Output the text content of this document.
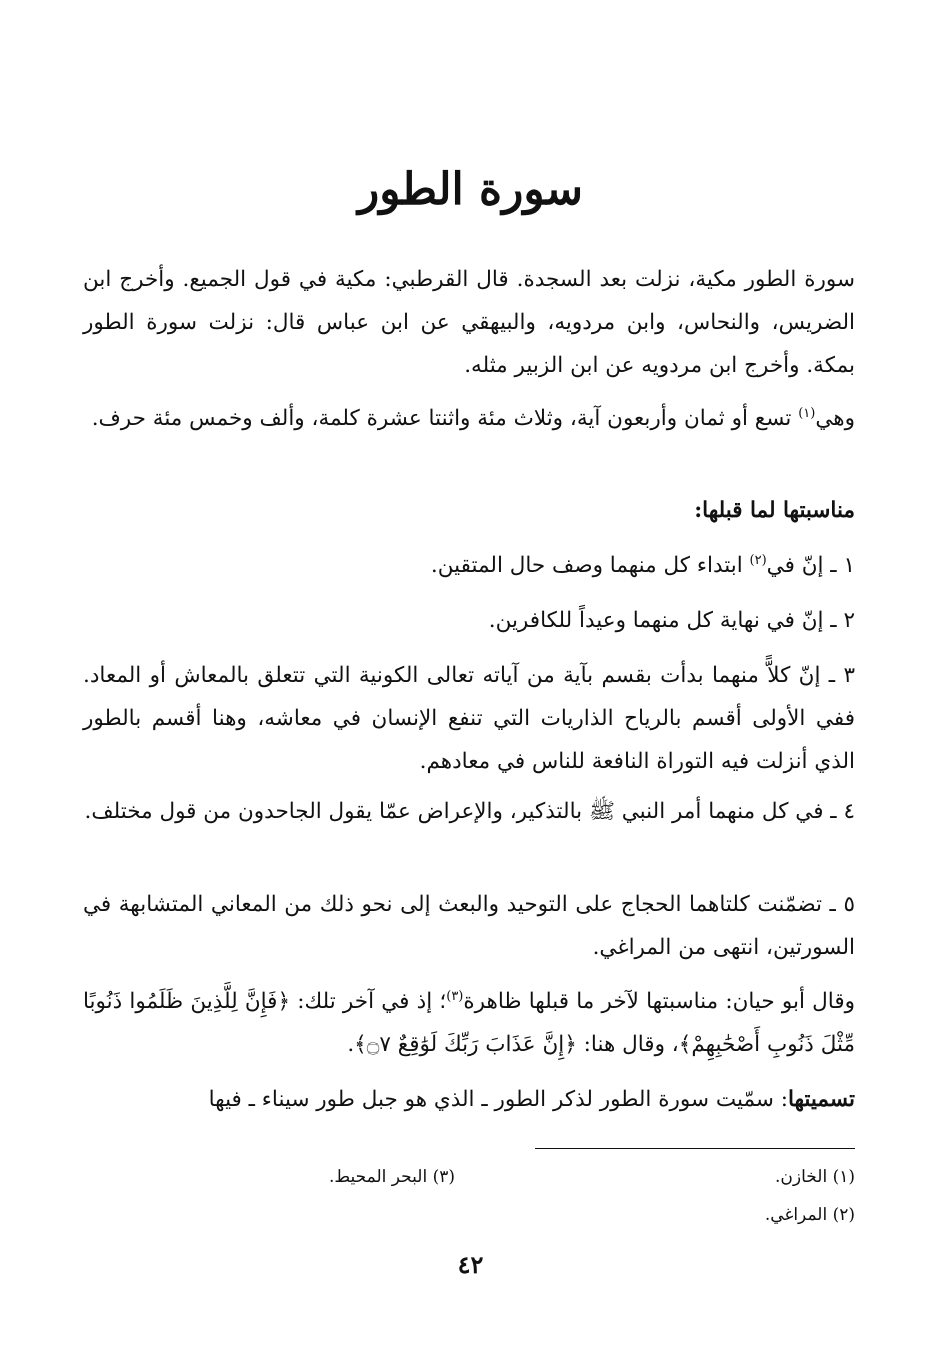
سورة الطور
سورة الطور مكية، نزلت بعد السجدة. قال القرطبي: مكية في قول الجميع. وأخرج ابن الضريس، والنحاس، وابن مردويه، والبيهقي عن ابن عباس قال: نزلت سورة الطور بمكة. وأخرج ابن مردويه عن ابن الزبير مثله.
وهي$^{(١)}$ تسع أو ثمان وأربعون آية، وثلاث مئة واثنتا عشرة كلمة، وألف وخمس مئة حرف.
مناسبتها لما قبلها:
١ ـ إنّ في$^{(٢)}$ ابتداء كل منهما وصف حال المتقين.
٢ ـ إنّ في نهاية كل منهما وعيداً للكافرين.
٣ ـ إنّ كلاًّ منهما بدأت بقسم بآية من آياته تعالى الكونية التي تتعلق بالمعاش أو المعاد. ففي الأولى أقسم بالرياح الذاريات التي تنفع الإنسان في معاشه، وهنا أقسم بالطور الذي أنزلت فيه التوراة النافعة للناس في معادهم.
٤ ـ في كل منهما أمر النبي ﷺ بالتذكير، والإعراض عمّا يقول الجاحدون من قول مختلف.
٥ ـ تضمّنت كلتاهما الحجاج على التوحيد والبعث إلى نحو ذلك من المعاني المتشابهة في السورتين، انتهى من المراغي.
وقال أبو حيان: مناسبتها لآخر ما قبلها ظاهرة$^{(٣)}$؛ إذ في آخر تلك: ﴿فَإِنَّ لِلَّذِينَ ظَلَمُوا ذَنُوبًا مِّثْلَ ذَنُوبِ أَصْحَٰبِهِمْ﴾، وقال هنا: ﴿إِنَّ عَذَابَ رَبِّكَ لَوَٰقِعٌ ۝٧﴾.
تسميتها: سمّيت سورة الطور لذكر الطور ـ الذي هو جبل طور سيناء ـ فيها
(١) الخازن.
(٢) المراغي.
(٣) البحر المحيط.
٤٢
